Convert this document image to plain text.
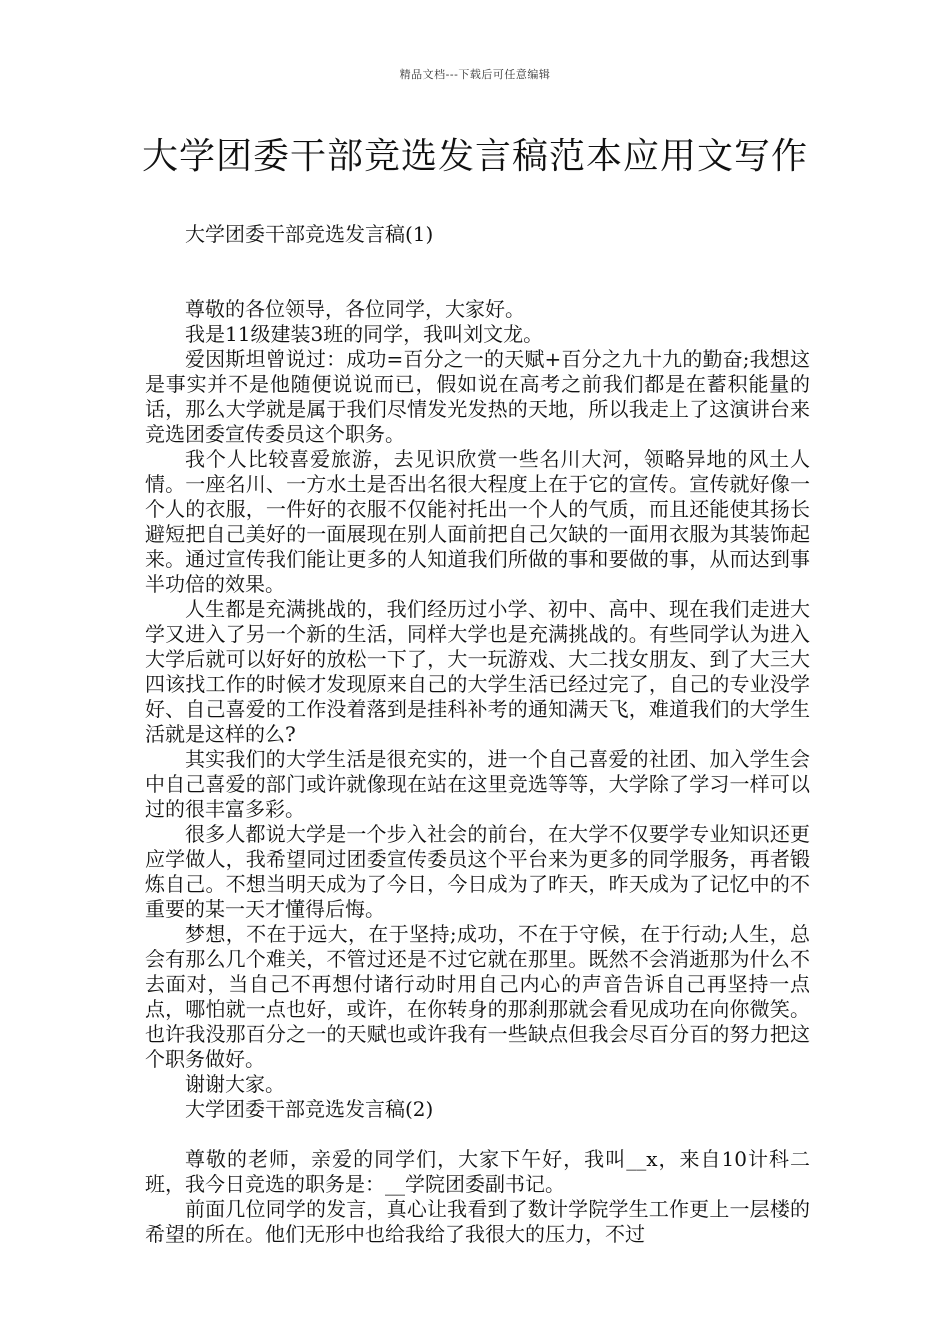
精品文档---下载后可任意编辑
大学团委干部竞选发言稿范本应用文写作

大学团委干部竞选发言稿(1)

尊敬的各位领导，各位同学，大家好。

我是11级建装3班的同学，我叫刘文龙。

爱因斯坦曾说过：成功=百分之一的天赋+百分之九十九的勤奋;我想这是事实并不是他随便说说而已，假如说在高考之前我们都是在蓄积能量的话，那么大学就是属于我们尽情发光发热的天地，所以我走上了这演讲台来竞选团委宣传委员这个职务。

我个人比较喜爱旅游，去见识欣赏一些名川大河，领略异地的风土人情。一座名川、一方水土是否出名很大程度上在于它的宣传。宣传就好像一个人的衣服，一件好的衣服不仅能衬托出一个人的气质，而且还能使其扬长避短把自己美好的一面展现在别人面前把自己欠缺的一面用衣服为其装饰起来。通过宣传我们能让更多的人知道我们所做的事和要做的事，从而达到事半功倍的效果。

人生都是充满挑战的，我们经历过小学、初中、高中、现在我们走进大学又进入了另一个新的生活，同样大学也是充满挑战的。有些同学认为进入大学后就可以好好的放松一下了，大一玩游戏、大二找女朋友、到了大三大四该找工作的时候才发现原来自己的大学生活已经过完了，自己的专业没学好、自己喜爱的工作没着落到是挂科补考的通知满天飞，难道我们的大学生活就是这样的么?

其实我们的大学生活是很充实的，进一个自己喜爱的社团、加入学生会中自己喜爱的部门或许就像现在站在这里竞选等等，大学除了学习一样可以过的很丰富多彩。

很多人都说大学是一个步入社会的前台，在大学不仅要学专业知识还更应学做人，我希望同过团委宣传委员这个平台来为更多的同学服务，再者锻炼自己。不想当明天成为了今日，今日成为了昨天，昨天成为了记忆中的不重要的某一天才懂得后悔。

梦想，不在于远大，在于坚持;成功，不在于守候，在于行动;人生，总会有那么几个难关，不管过还是不过它就在那里。既然不会消逝那为什么不去面对，当自己不再想付诸行动时用自己内心的声音告诉自己再坚持一点点，哪怕就一点也好，或许，在你转身的那刹那就会看见成功在向你微笑。也许我没那百分之一的天赋也或许我有一些缺点但我会尽百分百的努力把这个职务做好。

谢谢大家。

大学团委干部竞选发言稿(2)

尊敬的老师，亲爱的同学们，大家下午好，我叫__x，来自10计科二班，我今日竞选的职务是：__学院团委副书记。

前面几位同学的发言，真心让我看到了数计学院学生工作更上一层楼的希望的所在。他们无形中也给我给了我很大的压力，不过
